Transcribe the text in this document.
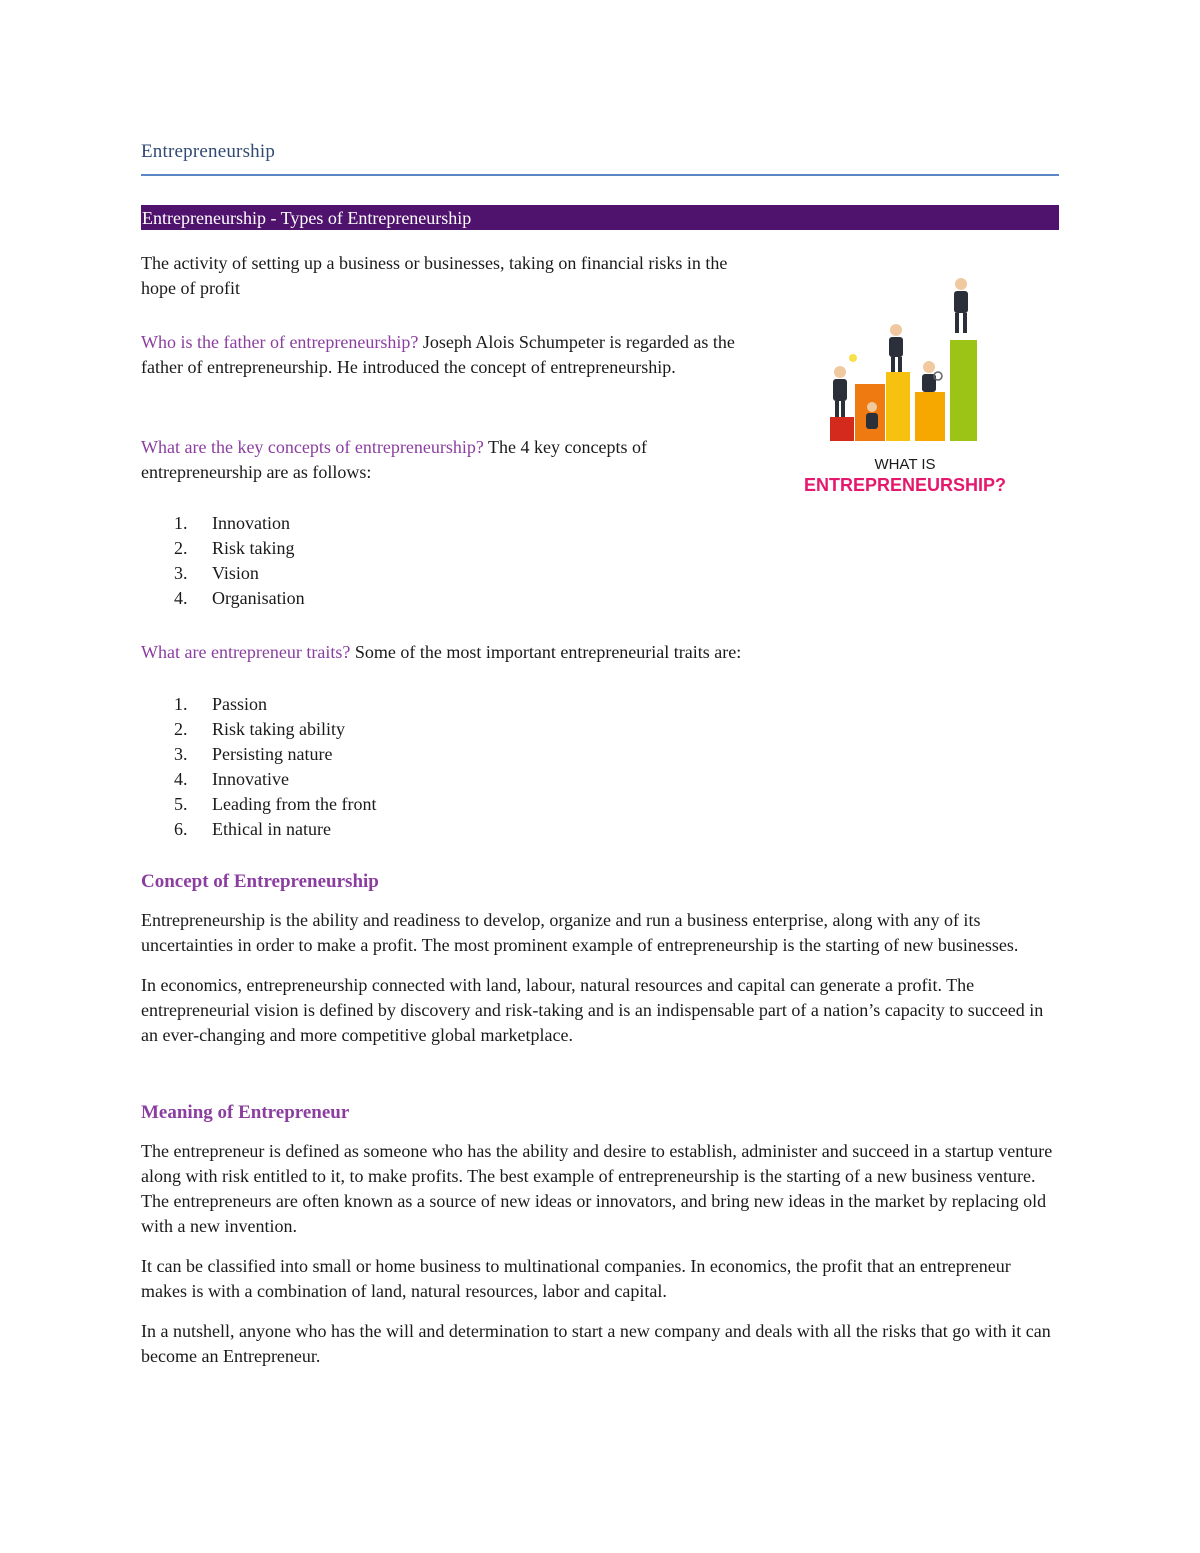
Entrepreneurship
Entrepreneurship - Types of Entrepreneurship

The activity of setting up a business or businesses, taking on financial risks in the hope of profit

Who is the father of entrepreneurship? Joseph Alois Schumpeter is regarded as the father of entrepreneurship. He introduced the concept of entrepreneurship.

What are the key concepts of entrepreneurship? The 4 key concepts of entrepreneurship are as follows:

1.	Innovation
2.	Risk taking
3.	Vision
4.	Organisation

What are entrepreneur traits? Some of the most important entrepreneurial traits are:

1.	Passion
2.	Risk taking ability
3.	Persisting nature
4.	Innovative
5.	Leading from the front
6.	Ethical in nature
Concept of Entrepreneurship

Entrepreneurship is the ability and readiness to develop, organize and run a business enterprise, along with any of its uncertainties in order to make a profit. The most prominent example of entrepreneurship is the starting of new businesses.

In economics, entrepreneurship connected with land, labour, natural resources and capital can generate a profit. The entrepreneurial vision is defined by discovery and risk-taking and is an indispensable part of a nation’s capacity to succeed in an ever-changing and more competitive global marketplace.

Meaning of Entrepreneur

The entrepreneur is defined as someone who has the ability and desire to establish, administer and succeed in a startup venture along with risk entitled to it, to make profits. The best example of entrepreneurship is the starting of a new business venture. The entrepreneurs are often known as a source of new ideas or innovators, and bring new ideas in the market by replacing old with a new invention.

It can be classified into small or home business to multinational companies. In economics, the profit that an entrepreneur makes is with a combination of land, natural resources, labor and capital.

In a nutshell, anyone who has the will and determination to start a new company and deals with all the risks that go with it can become an Entrepreneur.

WHAT IS
ENTREPRENEURSHIP?
